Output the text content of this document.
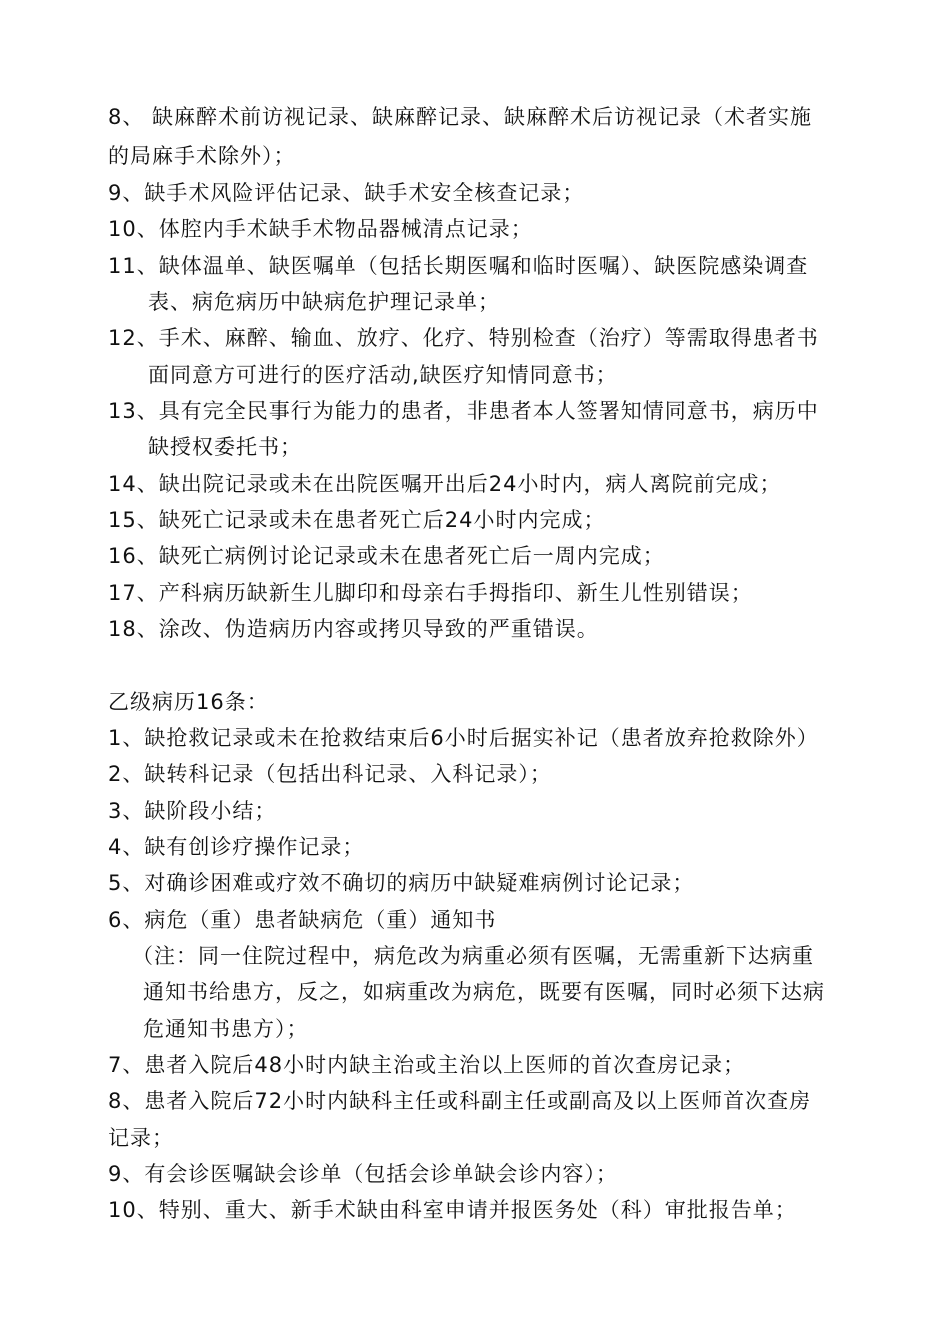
8、 缺麻醉术前访视记录、缺麻醉记录、缺麻醉术后访视记录（术者实施
的局麻手术除外）；
9、缺手术风险评估记录、缺手术安全核查记录；
10、体腔内手术缺手术物品器械清点记录；
11、缺体温单、缺医嘱单（包括长期医嘱和临时医嘱）、缺医院感染调查
表、病危病历中缺病危护理记录单；
12、手术、麻醉、输血、放疗、化疗、特别检查（治疗）等需取得患者书
面同意方可进行的医疗活动,缺医疗知情同意书；
13、具有完全民事行为能力的患者，非患者本人签署知情同意书，病历中
缺授权委托书；
14、缺出院记录或未在出院医嘱开出后24小时内，病人离院前完成；
15、缺死亡记录或未在患者死亡后24小时内完成；
16、缺死亡病例讨论记录或未在患者死亡后一周内完成；
17、产科病历缺新生儿脚印和母亲右手拇指印、新生儿性别错误；
18、涂改、伪造病历内容或拷贝导致的严重错误。
乙级病历16条：
1、缺抢救记录或未在抢救结束后6小时后据实补记（患者放弃抢救除外）
2、缺转科记录（包括出科记录、入科记录）；
3、缺阶段小结；
4、缺有创诊疗操作记录；
5、对确诊困难或疗效不确切的病历中缺疑难病例讨论记录；
6、病危（重）患者缺病危（重）通知书
（注：同一住院过程中，病危改为病重必须有医嘱，无需重新下达病重
通知书给患方，反之，如病重改为病危，既要有医嘱，同时必须下达病
危通知书患方）；
7、患者入院后48小时内缺主治或主治以上医师的首次查房记录；
8、患者入院后72小时内缺科主任或科副主任或副高及以上医师首次查房
记录；
9、有会诊医嘱缺会诊单（包括会诊单缺会诊内容）；
10、特别、重大、新手术缺由科室申请并报医务处（科）审批报告单；
